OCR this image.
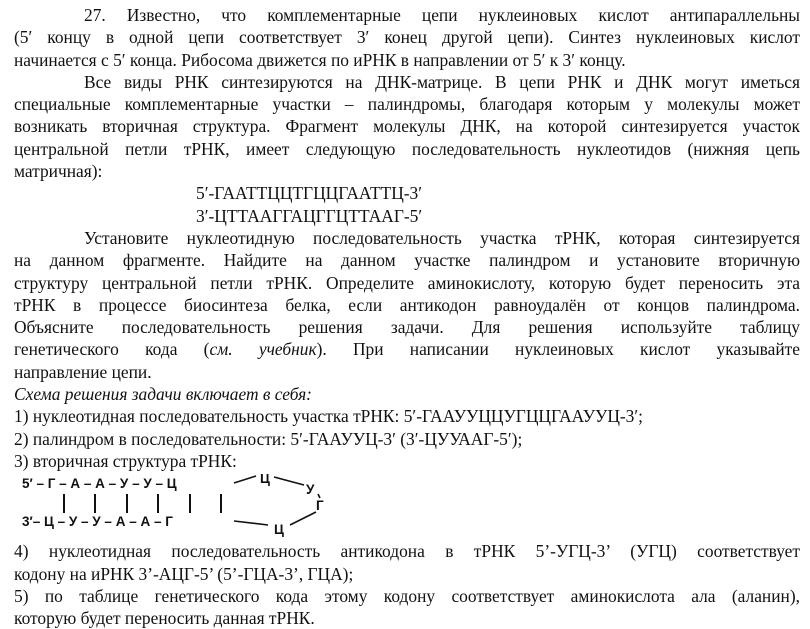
27. Известно, что комплементарные цепи нуклеиновых кислот антипараллельны

(5′ концу в одной цепи соответствует 3′ конец другой цепи). Синтез нуклеиновых кислот

начинается с 5′ конца. Рибосома движется по иРНК в направлении от 5′ к 3′ концу.

Все виды РНК синтезируются на ДНК-матрице. В цепи РНК и ДНК могут иметься

специальные комплементарные участки – палиндромы, благодаря которым у молекулы может

возникать вторичная структура. Фрагмент молекулы ДНК, на которой синтезируется участок

центральной петли тРНК, имеет следующую последовательность нуклеотидов (нижняя цепь

матричная):

5′-ГААТТЦЦТГЦЦГААТТЦ-3′

3′-ЦТТААГГАЦГГЦТТААГ-5′

Установите нуклеотидную последовательность участка тРНК, которая синтезируется

на данном фрагменте. Найдите на данном участке палиндром и установите вторичную

структуру центральной петли тРНК. Определите аминокислоту, которую будет переносить эта

тРНК в процессе биосинтеза белка, если антикодон равноудалён от концов палиндрома.

Объясните последовательность решения задачи. Для решения используйте таблицу

генетического кода (см. учебник). При написании нуклеиновых кислот указывайте

направление цепи.

Схема решения задачи включает в себя:

1) нуклеотидная последовательность участка тРНК: 5′-ГААУУЦЦУГЦЦГААУУЦ-3′;

2) палиндром в последовательности: 5′-ГААУУЦ-3′ (3′-ЦУУААГ-5′);

3) вторичная структура тРНК:

5′ – Г – А – А – У – У – Ц
3′– Ц – У – У – А – А – Г
Ц
У
Г
Ц

4) нуклеотидная последовательность антикодона в тРНК 5’-УГЦ-3’ (УГЦ) соответствует

кодону на иРНК 3’-АЦГ-5’ (5’-ГЦА-3’, ГЦА);

5) по таблице генетического кода этому кодону соответствует аминокислота ала (аланин),

которую будет переносить данная тРНК.
